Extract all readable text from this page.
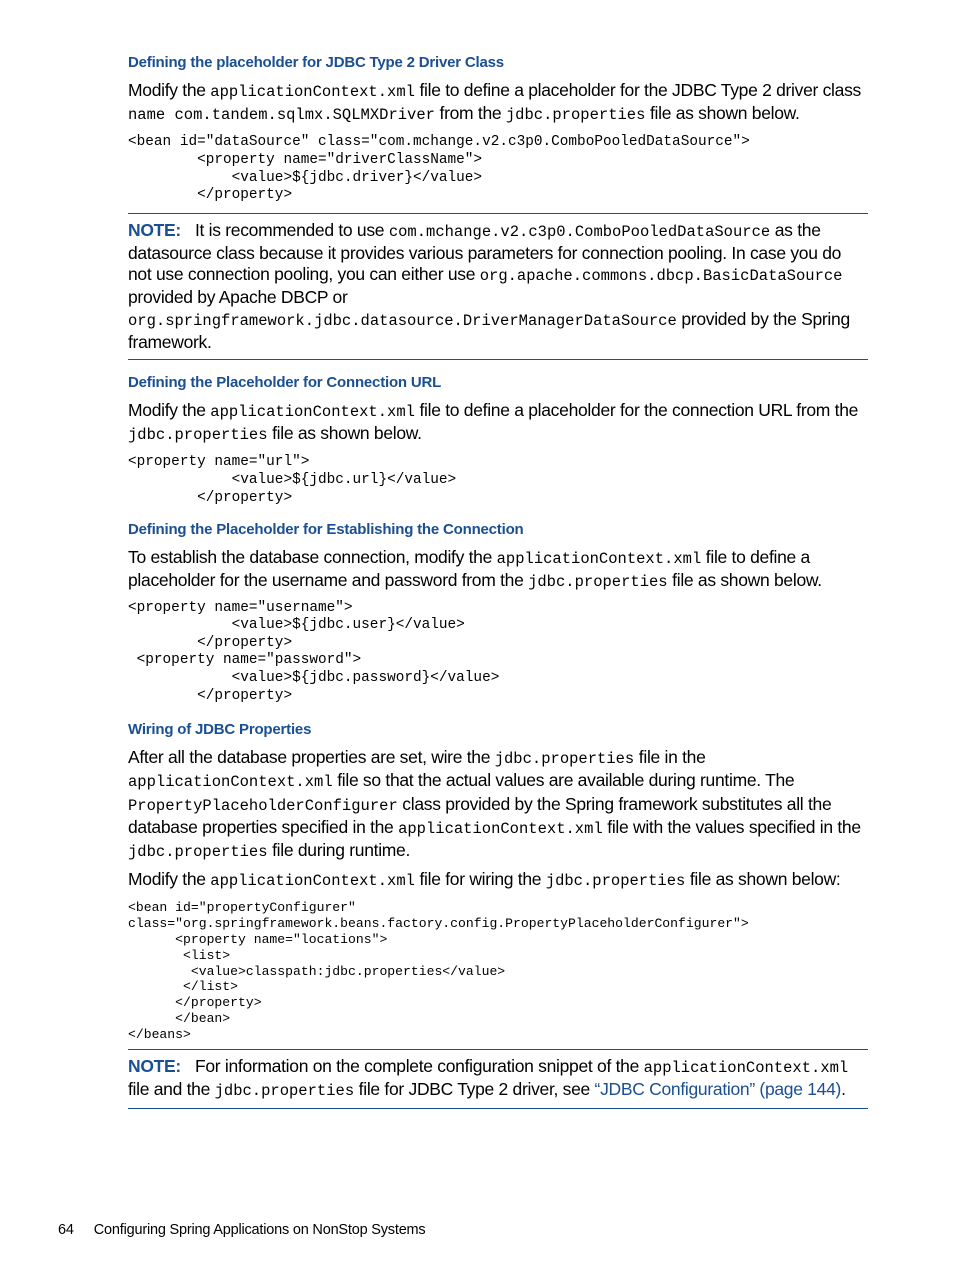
Defining the placeholder for JDBC Type 2 Driver Class

Modify the applicationContext.xml file to define a placeholder for the JDBC Type 2 driver class name com.tandem.sqlmx.SQLMXDriver from the jdbc.properties file as shown below.

<bean id="dataSource" class="com.mchange.v2.c3p0.ComboPooledDataSource">
<property name="driverClassName">
<value>${jdbc.driver}</value>
</property>

NOTE: It is recommended to use com.mchange.v2.c3p0.ComboPooledDataSource as the datasource class because it provides various parameters for connection pooling. In case you do not use connection pooling, you can either use org.apache.commons.dbcp.BasicDataSource provided by Apache DBCP or org.springframework.jdbc.datasource.DriverManagerDataSource provided by the Spring framework.

Defining the Placeholder for Connection URL

Modify the applicationContext.xml file to define a placeholder for the connection URL from the jdbc.properties file as shown below.

<property name="url">
<value>${jdbc.url}</value>
</property>
Defining the Placeholder for Establishing the Connection

To establish the database connection, modify the applicationContext.xml file to define a placeholder for the username and password from the jdbc.properties file as shown below.

<property name="username">
<value>${jdbc.user}</value>
</property>
<property name="password">
<value>${jdbc.password}</value>
</property>
Wiring of JDBC Properties

After all the database properties are set, wire the jdbc.properties file in the applicationContext.xml file so that the actual values are available during runtime. The PropertyPlaceholderConfigurer class provided by the Spring framework substitutes all the database properties specified in the applicationContext.xml file with the values specified in the jdbc.properties file during runtime.

Modify the applicationContext.xml file for wiring the jdbc.properties file as shown below:

<bean id="propertyConfigurer"
class="org.springframework.beans.factory.config.PropertyPlaceholderConfigurer">
<property name="locations">
<list>
<value>classpath:jdbc.properties</value>
</list>
</property>
</bean>
</beans>

NOTE: For information on the complete configuration snippet of the applicationContext.xml file and the jdbc.properties file for JDBC Type 2 driver, see “JDBC Configuration” (page 144).

64 Configuring Spring Applications on NonStop Systems
